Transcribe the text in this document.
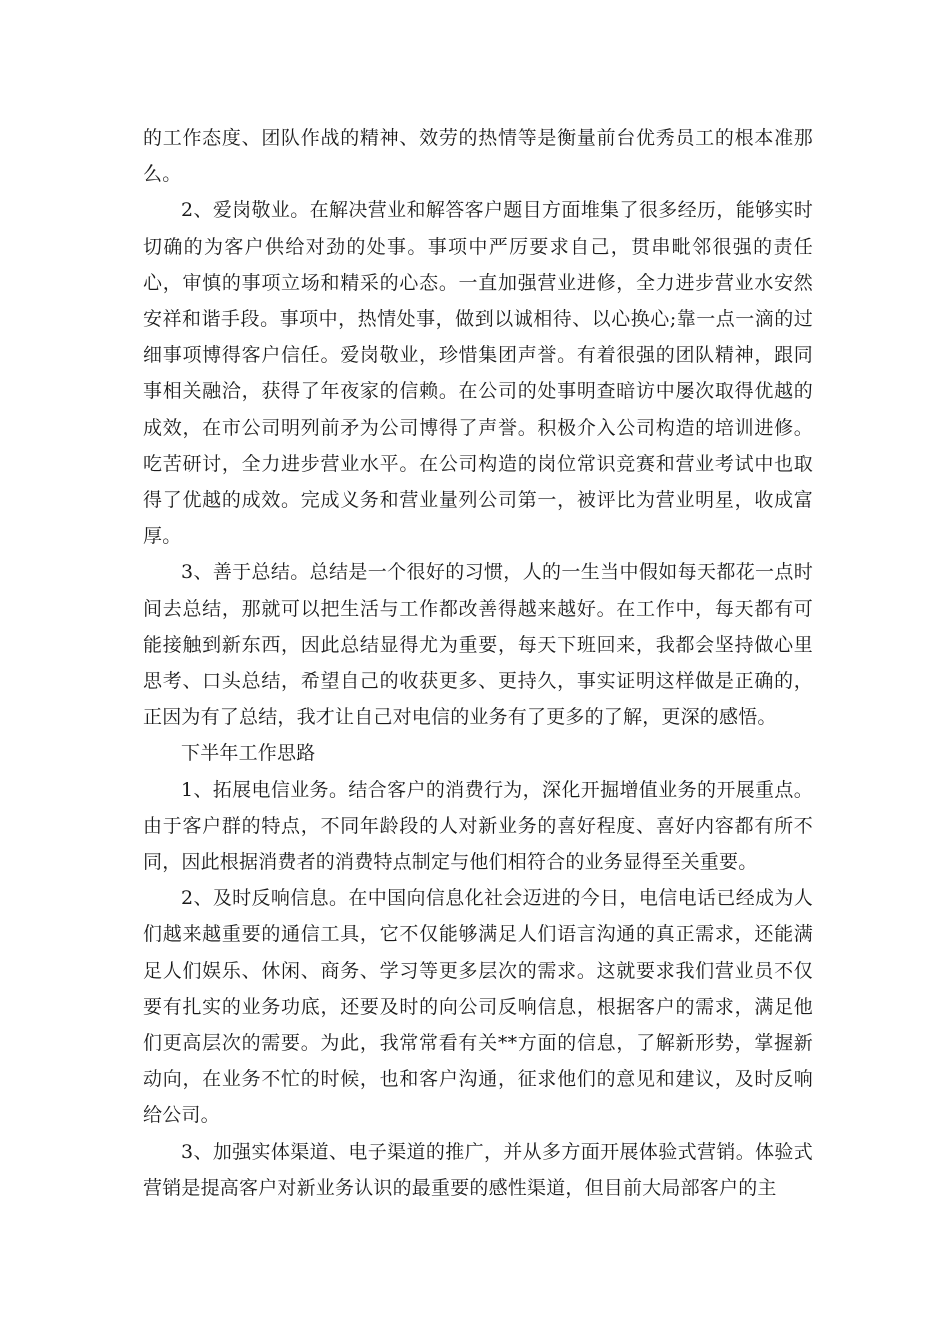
的工作态度、团队作战的精神、效劳的热情等是衡量前台优秀员工的根本准那么。

2、爱岗敬业。在解决营业和解答客户题目方面堆集了很多经历，能够实时切确的为客户供给对劲的处事。事项中严厉要求自己，贯串毗邻很强的责任心，审慎的事项立场和精采的心态。一直加强营业进修，全力进步营业水安然安祥和谐手段。事项中，热情处事，做到以诚相待、以心换心;靠一点一滴的过细事项博得客户信任。爱岗敬业，珍惜集团声誉。有着很强的团队精神，跟同事相关融洽，获得了年夜家的信赖。在公司的处事明查暗访中屡次取得优越的成效，在市公司明列前矛为公司博得了声誉。积极介入公司构造的培训进修。吃苦研讨，全力进步营业水平。在公司构造的岗位常识竞赛和营业考试中也取得了优越的成效。完成义务和营业量列公司第一，被评比为营业明星，收成富厚。

3、善于总结。总结是一个很好的习惯，人的一生当中假如每天都花一点时间去总结，那就可以把生活与工作都改善得越来越好。在工作中，每天都有可能接触到新东西，因此总结显得尤为重要，每天下班回来，我都会坚持做心里思考、口头总结，希望自己的收获更多、更持久，事实证明这样做是正确的，正因为有了总结，我才让自己对电信的业务有了更多的了解，更深的感悟。

下半年工作思路

1、拓展电信业务。结合客户的消费行为，深化开掘增值业务的开展重点。由于客户群的特点，不同年龄段的人对新业务的喜好程度、喜好内容都有所不同，因此根据消费者的消费特点制定与他们相符合的业务显得至关重要。

2、及时反响信息。在中国向信息化社会迈进的今日，电信电话已经成为人们越来越重要的通信工具，它不仅能够满足人们语言沟通的真正需求，还能满足人们娱乐、休闲、商务、学习等更多层次的需求。这就要求我们营业员不仅要有扎实的业务功底，还要及时的向公司反响信息，根据客户的需求，满足他们更高层次的需要。为此，我常常看有关**方面的信息，了解新形势，掌握新动向，在业务不忙的时候，也和客户沟通，征求他们的意见和建议，及时反响给公司。

3、加强实体渠道、电子渠道的推广，并从多方面开展体验式营销。体验式营销是提高客户对新业务认识的最重要的感性渠道，但目前大局部客户的主
